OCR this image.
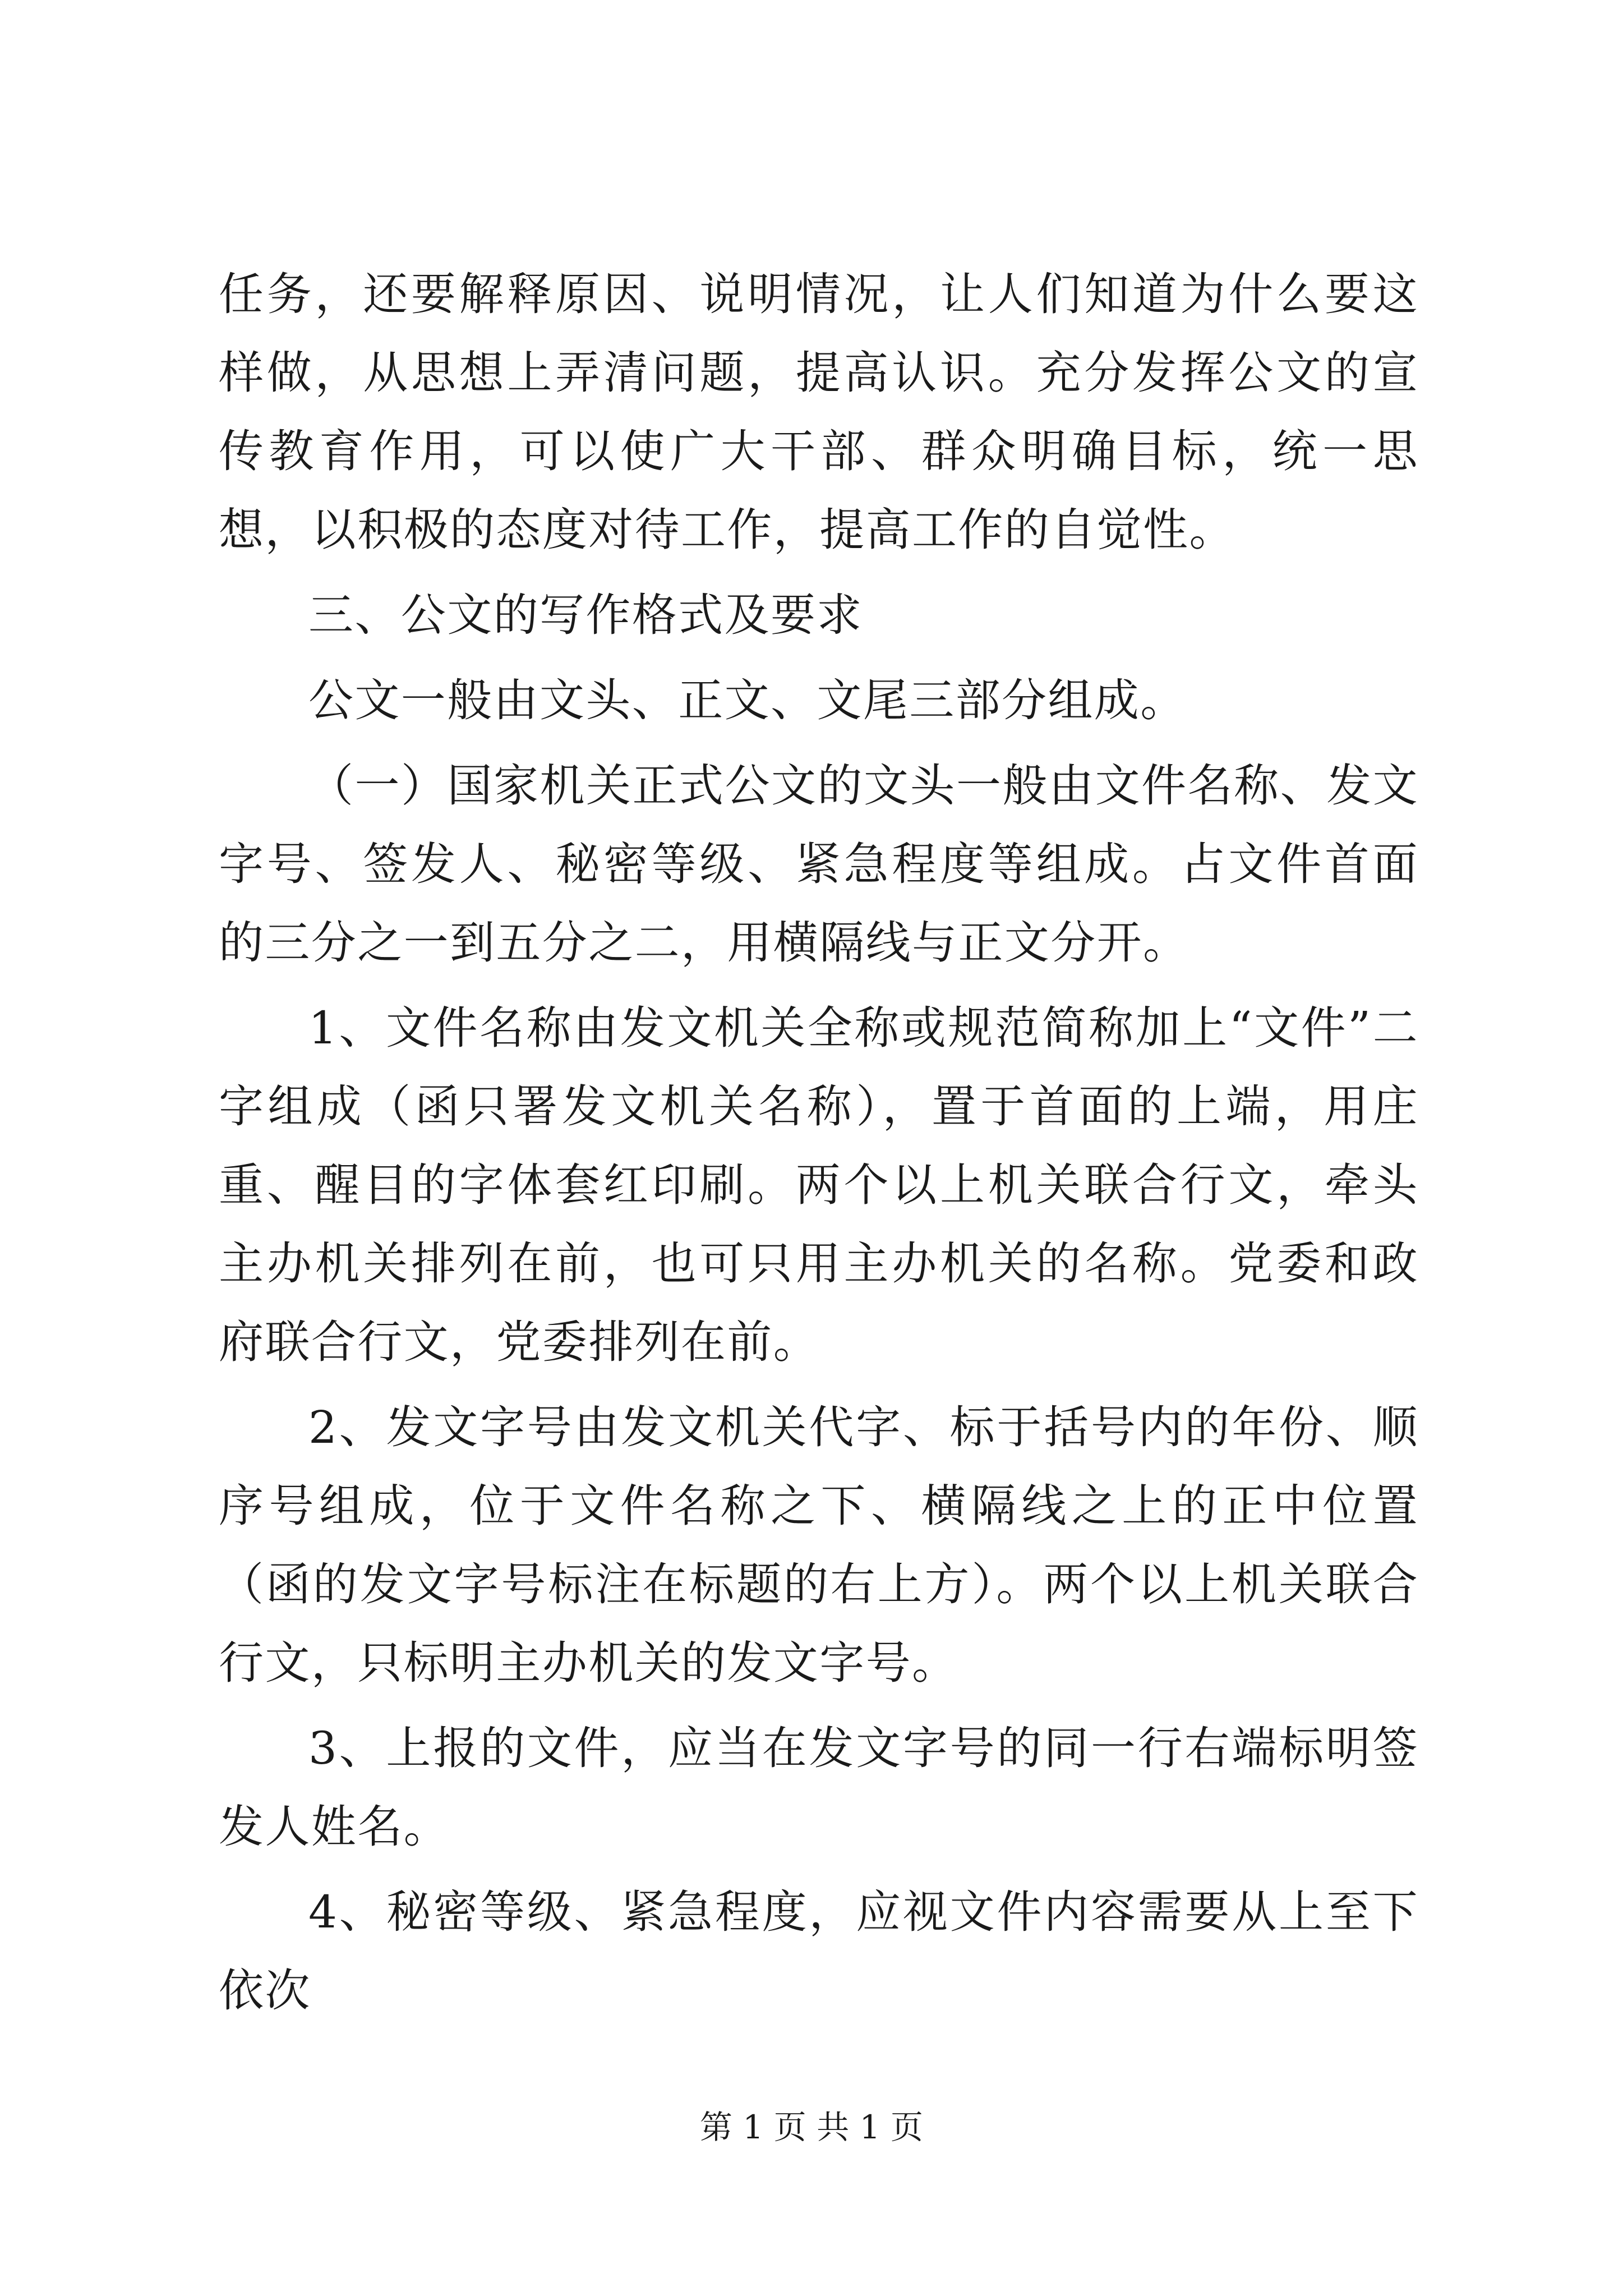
任务，还要解释原因、说明情况，让人们知道为什么要这样做，从思想上弄清问题，提高认识。充分发挥公文的宣传教育作用，可以使广大干部、群众明确目标，统一思想，以积极的态度对待工作，提高工作的自觉性。

三、公文的写作格式及要求

公文一般由文头、正文、文尾三部分组成。

（一）国家机关正式公文的文头一般由文件名称、发文字号、签发人、秘密等级、紧急程度等组成。占文件首面的三分之一到五分之二，用横隔线与正文分开。

1、文件名称由发文机关全称或规范简称加上“文件”二字组成（函只署发文机关名称），置于首面的上端，用庄重、醒目的字体套红印刷。两个以上机关联合行文，牵头主办机关排列在前，也可只用主办机关的名称。党委和政府联合行文，党委排列在前。

2、发文字号由发文机关代字、标于括号内的年份、顺序号组成，位于文件名称之下、横隔线之上的正中位置（函的发文字号标注在标题的右上方）。两个以上机关联合行文，只标明主办机关的发文字号。

3、上报的文件，应当在发文字号的同一行右端标明签发人姓名。

4、秘密等级、紧急程度，应视文件内容需要从上至下依次

第 1 页 共 1 页
